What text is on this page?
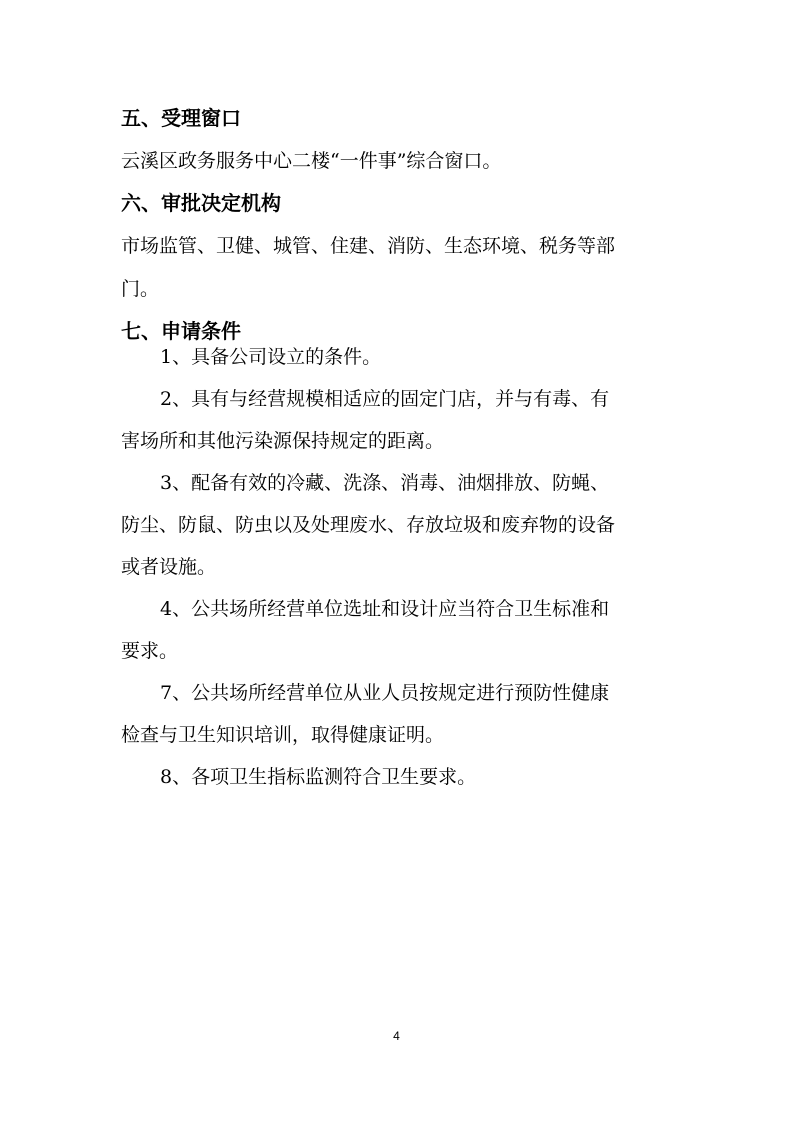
五、受理窗口
云溪区政务服务中心二楼“一件事”综合窗口。
六、审批决定机构
市场监管、卫健、城管、住建、消防、生态环境、税务等部
门。
七、申请条件
1、具备公司设立的条件。
2、具有与经营规模相适应的固定门店，并与有毒、有
害场所和其他污染源保持规定的距离。
3、配备有效的冷藏、洗涤、消毒、油烟排放、防蝇、
防尘、防鼠、防虫以及处理废水、存放垃圾和废弃物的设备
或者设施。
4、公共场所经营单位选址和设计应当符合卫生标准和
要求。
7、公共场所经营单位从业人员按规定进行预防性健康
检查与卫生知识培训，取得健康证明。
8、各项卫生指标监测符合卫生要求。
4
